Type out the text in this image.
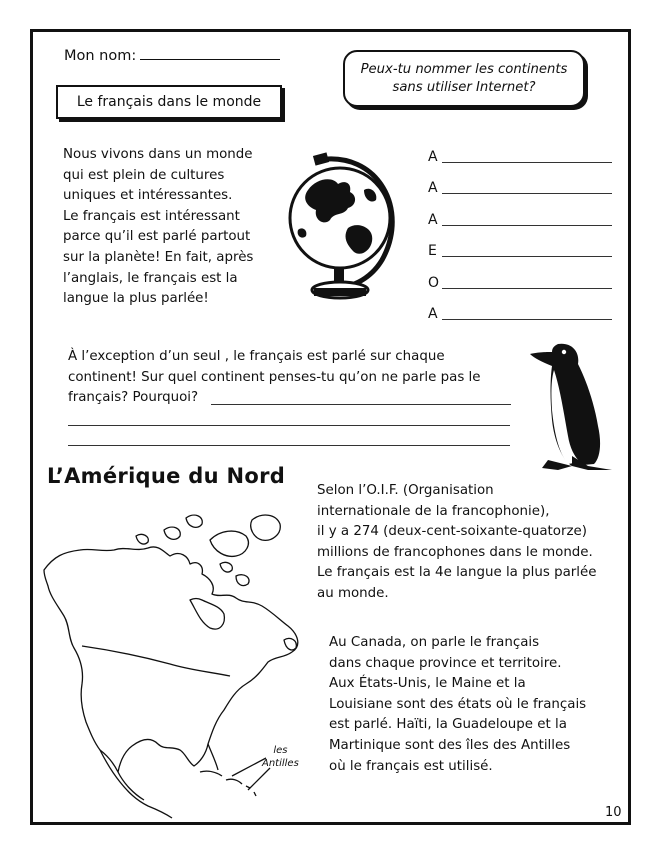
Mon nom:
Le français dans le monde
Peux-tu nommer les continents
sans utiliser Internet?
Nous vivons dans un monde
qui est plein de cultures
uniques et intéressantes.
Le français est intéressant
parce qu’il est parlé partout
sur la planète! En fait, après
l’anglais, le français est la
langue la plus parlée!
A
A
A
E
O
A
À l’exception d’un seul , le français est parlé sur chaque
continent! Sur quel continent penses-tu qu’on ne parle pas le
français? Pourquoi?
L’Amérique du Nord
Selon l’O.I.F. (Organisation
internationale de la francophonie),
il y a 274 (deux-cent-soixante-quatorze)
millions de francophones dans le monde.
Le français est la 4e langue la plus parlée
au monde.
les
Antilles
Au Canada, on parle le français
dans chaque province et territoire.
Aux États-Unis, le Maine et la
Louisiane sont des états où le français
est parlé. Haïti, la Guadeloupe et la
Martinique sont des îles des Antilles
où le français est utilisé.
10
